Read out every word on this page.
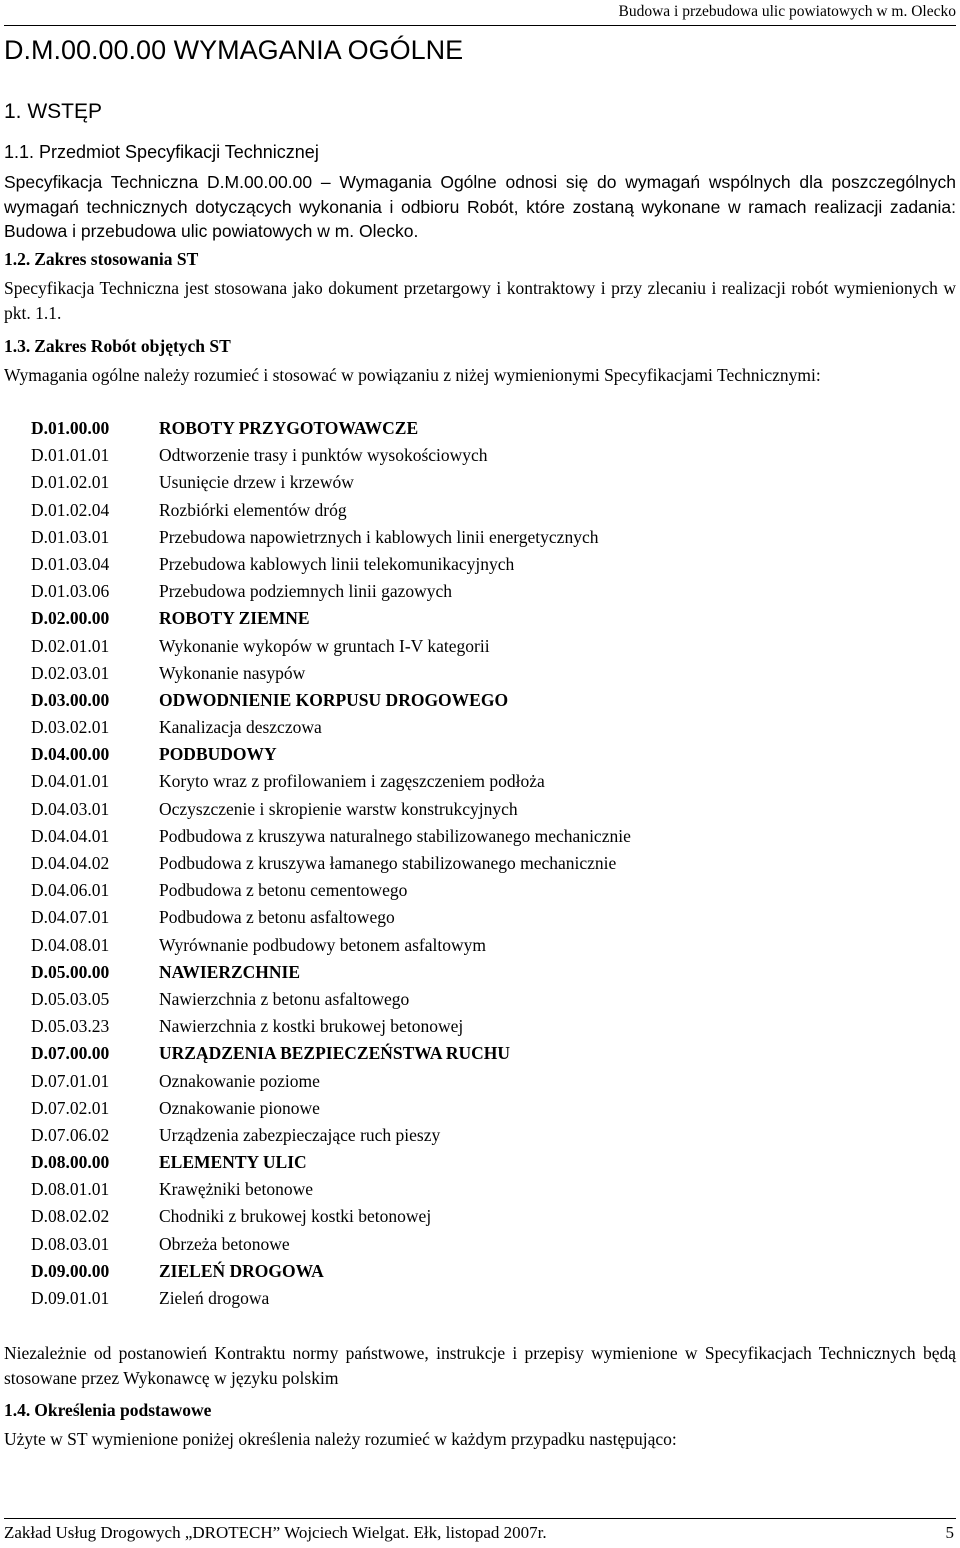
Budowa i przebudowa ulic powiatowych w m. Olecko
D.M.00.00.00 WYMAGANIA OGÓLNE
1. WSTĘP
1.1. Przedmiot Specyfikacji Technicznej
Specyfikacja Techniczna D.M.00.00.00 – Wymagania Ogólne odnosi się do wymagań wspólnych dla poszczególnych wymagań technicznych dotyczących wykonania i odbioru Robót, które zostaną wykonane w ramach realizacji zadania: Budowa i przebudowa ulic powiatowych w m. Olecko.
1.2. Zakres stosowania ST
Specyfikacja Techniczna jest stosowana jako dokument przetargowy i kontraktowy i przy zlecaniu i realizacji robót wymienionych w pkt. 1.1.
1.3. Zakres Robót objętych ST
Wymagania ogólne należy rozumieć i stosować w powiązaniu z niżej wymienionymi Specyfikacjami Technicznymi:
D.01.00.00	ROBOTY PRZYGOTOWAWCZE
D.01.01.01	Odtworzenie trasy i punktów wysokościowych
D.01.02.01	Usunięcie drzew i krzewów
D.01.02.04	Rozbiórki elementów dróg
D.01.03.01	Przebudowa napowietrznych i kablowych linii energetycznych
D.01.03.04	Przebudowa kablowych linii telekomunikacyjnych
D.01.03.06	Przebudowa podziemnych linii gazowych
D.02.00.00	ROBOTY ZIEMNE
D.02.01.01	Wykonanie wykopów w gruntach I-V kategorii
D.02.03.01	Wykonanie nasypów
D.03.00.00	ODWODNIENIE KORPUSU DROGOWEGO
D.03.02.01	Kanalizacja deszczowa
D.04.00.00	PODBUDOWY
D.04.01.01	Koryto wraz z profilowaniem i zagęszczeniem podłoża
D.04.03.01	Oczyszczenie i skropienie warstw konstrukcyjnych
D.04.04.01	Podbudowa z kruszywa naturalnego stabilizowanego mechanicznie
D.04.04.02	Podbudowa z kruszywa łamanego stabilizowanego mechanicznie
D.04.06.01	Podbudowa z betonu cementowego
D.04.07.01	Podbudowa z betonu asfaltowego
D.04.08.01	Wyrównanie podbudowy betonem asfaltowym
D.05.00.00	NAWIERZCHNIE
D.05.03.05	Nawierzchnia z betonu asfaltowego
D.05.03.23	Nawierzchnia z kostki brukowej betonowej
D.07.00.00	URZĄDZENIA BEZPIECZEŃSTWA RUCHU
D.07.01.01	Oznakowanie poziome
D.07.02.01	Oznakowanie pionowe
D.07.06.02	Urządzenia zabezpieczające ruch pieszy
D.08.00.00	ELEMENTY ULIC
D.08.01.01	Krawężniki betonowe
D.08.02.02	Chodniki z brukowej kostki betonowej
D.08.03.01	Obrzeża betonowe
D.09.00.00	ZIELEŃ DROGOWA
D.09.01.01	Zieleń drogowa
Niezależnie od postanowień Kontraktu normy państwowe, instrukcje i przepisy wymienione w Specyfikacjach Technicznych będą stosowane przez Wykonawcę w języku polskim
1.4. Określenia podstawowe
Użyte w ST wymienione poniżej określenia należy rozumieć w każdym przypadku następująco:
Zakład Usług Drogowych „DROTECH” Wojciech Wielgat. Ełk, listopad 2007r.	5
